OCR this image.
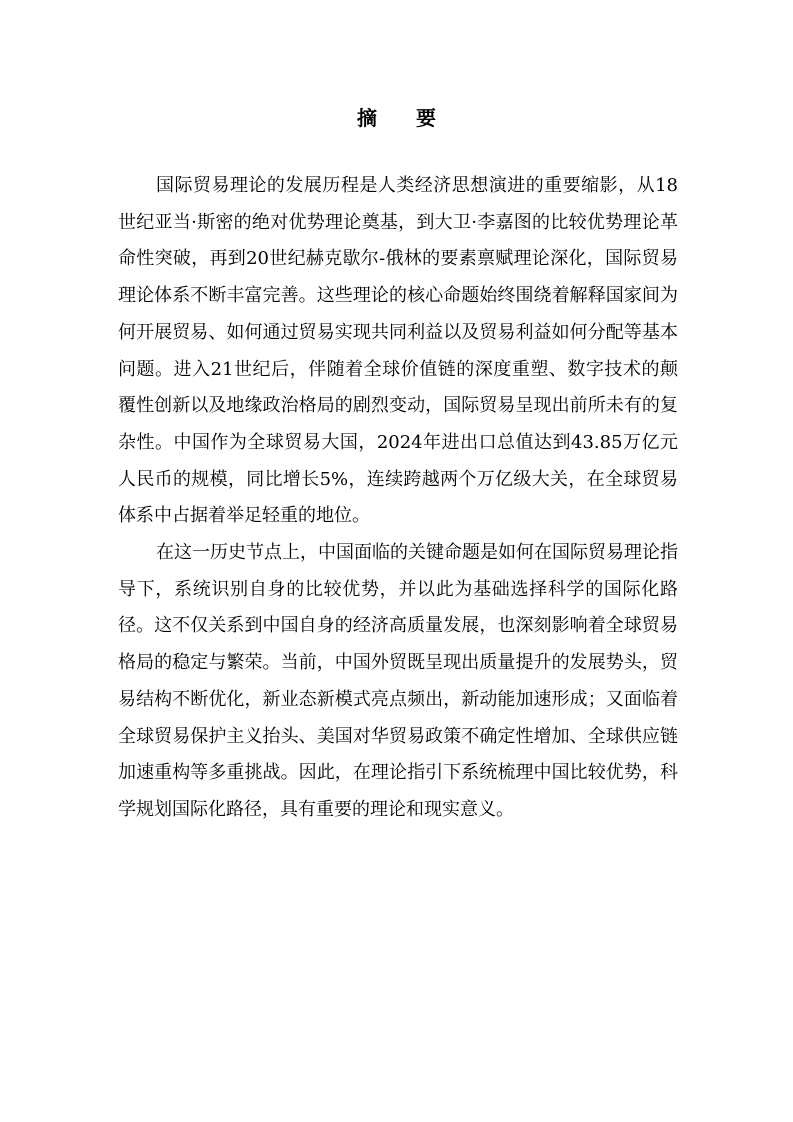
摘 要

国际贸易理论的发展历程是人类经济思想演进的重要缩影，从18世纪亚当·斯密的绝对优势理论奠基，到大卫·李嘉图的比较优势理论革命性突破，再到20世纪赫克歇尔-俄林的要素禀赋理论深化，国际贸易理论体系不断丰富完善。这些理论的核心命题始终围绕着解释国家间为何开展贸易、如何通过贸易实现共同利益以及贸易利益如何分配等基本问题。进入21世纪后，伴随着全球价值链的深度重塑、数字技术的颠覆性创新以及地缘政治格局的剧烈变动，国际贸易呈现出前所未有的复杂性。中国作为全球贸易大国，2024年进出口总值达到43.85万亿元人民币的规模，同比增长5%，连续跨越两个万亿级大关，在全球贸易体系中占据着举足轻重的地位。

在这一历史节点上，中国面临的关键命题是如何在国际贸易理论指导下，系统识别自身的比较优势，并以此为基础选择科学的国际化路径。这不仅关系到中国自身的经济高质量发展，也深刻影响着全球贸易格局的稳定与繁荣。当前，中国外贸既呈现出质量提升的发展势头，贸易结构不断优化，新业态新模式亮点频出，新动能加速形成；又面临着全球贸易保护主义抬头、美国对华贸易政策不确定性增加、全球供应链加速重构等多重挑战。因此，在理论指引下系统梳理中国比较优势，科学规划国际化路径，具有重要的理论和现实意义。
